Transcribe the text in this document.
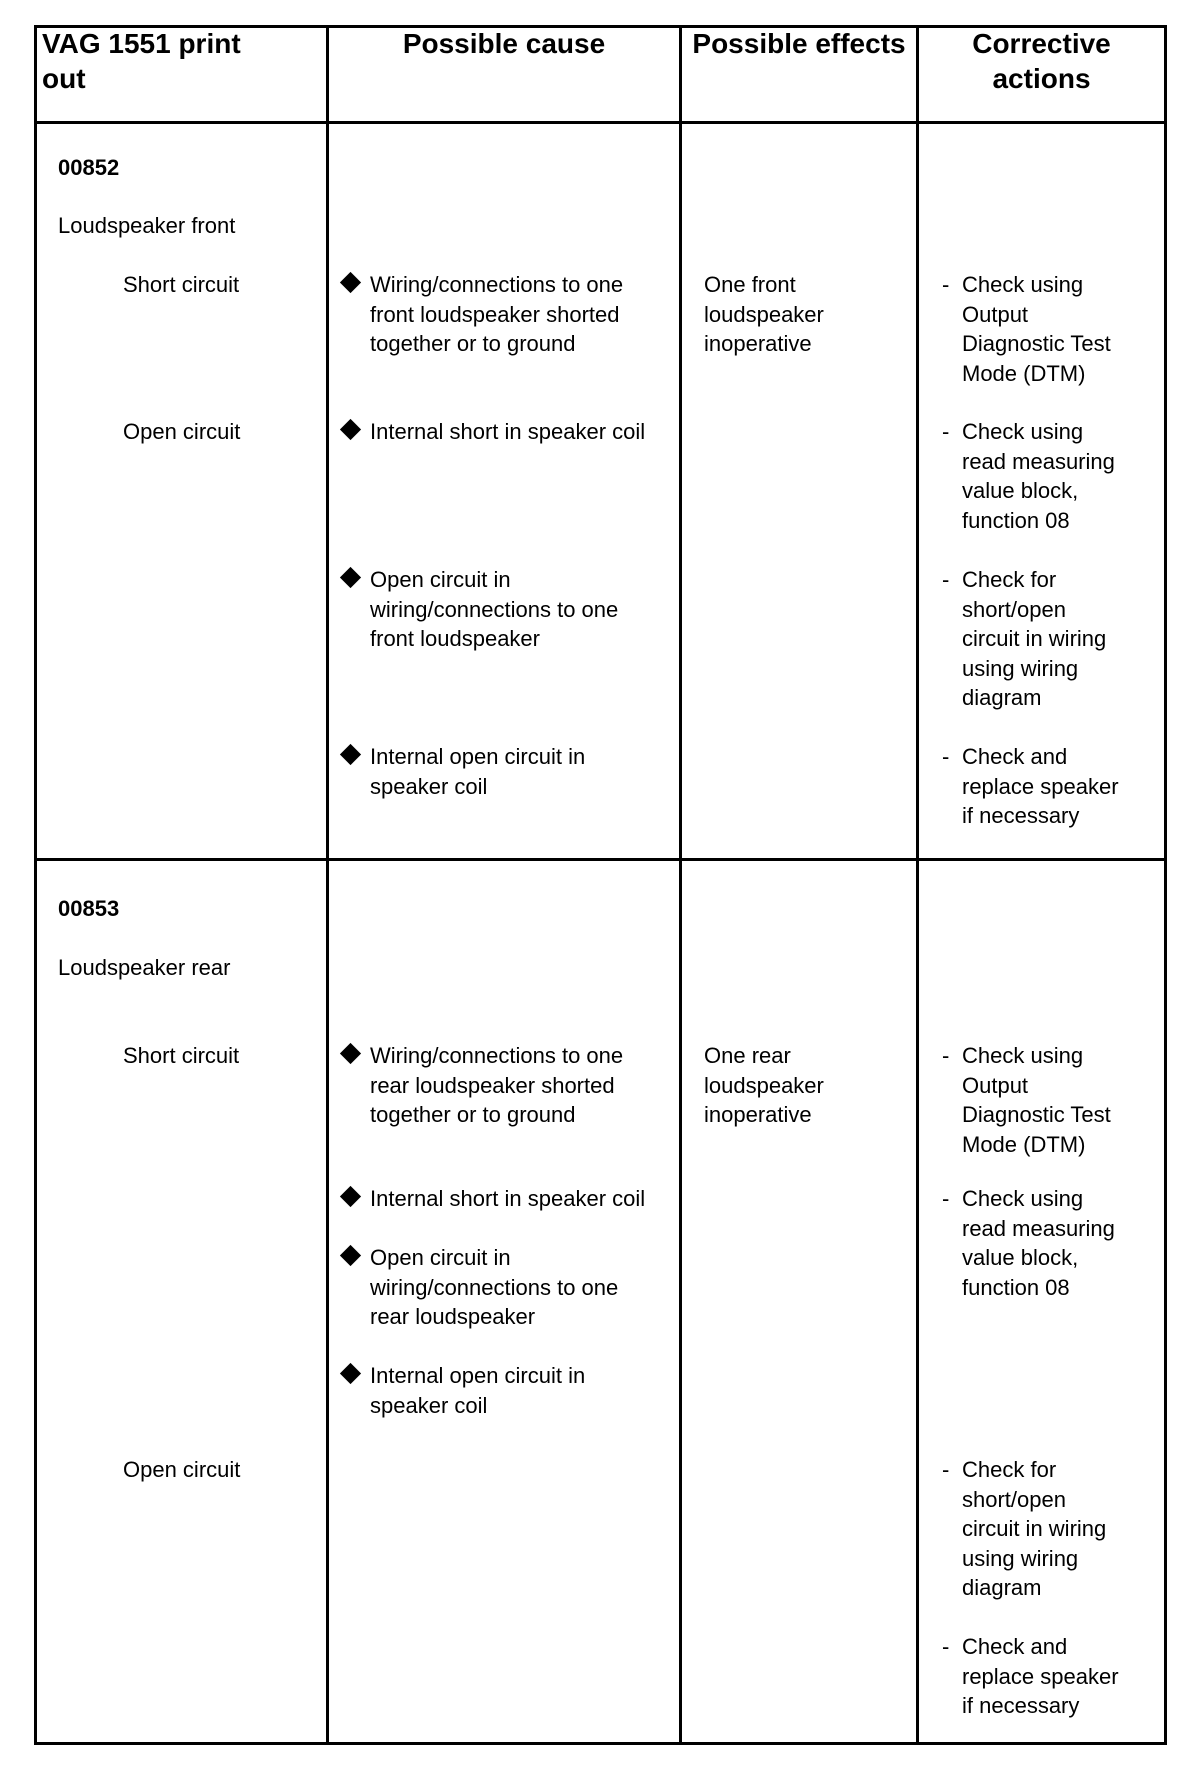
VAG 1551 print
out
Possible cause	Possible effects	Corrective
actions
00852
Loudspeaker front
Short circuit
Open circuit
Wiring/connections to one
front loudspeaker shorted
together or to ground
Internal short in speaker coil
Open circuit in
wiring/connections to one
front loudspeaker
Internal open circuit in
speaker coil
One front
loudspeaker
inoperative
- Check using
Output
Diagnostic Test
Mode (DTM)
- Check using
read measuring
value block,
function 08
- Check for
short/open
circuit in wiring
using wiring
diagram
- Check and
replace speaker
if necessary
00853
Loudspeaker rear
Short circuit
Open circuit
Wiring/connections to one
rear loudspeaker shorted
together or to ground
Internal short in speaker coil
Open circuit in
wiring/connections to one
rear loudspeaker
Internal open circuit in
speaker coil
One rear
loudspeaker
inoperative
- Check using
Output
Diagnostic Test
Mode (DTM)
- Check using
read measuring
value block,
function 08
- Check for
short/open
circuit in wiring
using wiring
diagram
- Check and
replace speaker
if necessary
